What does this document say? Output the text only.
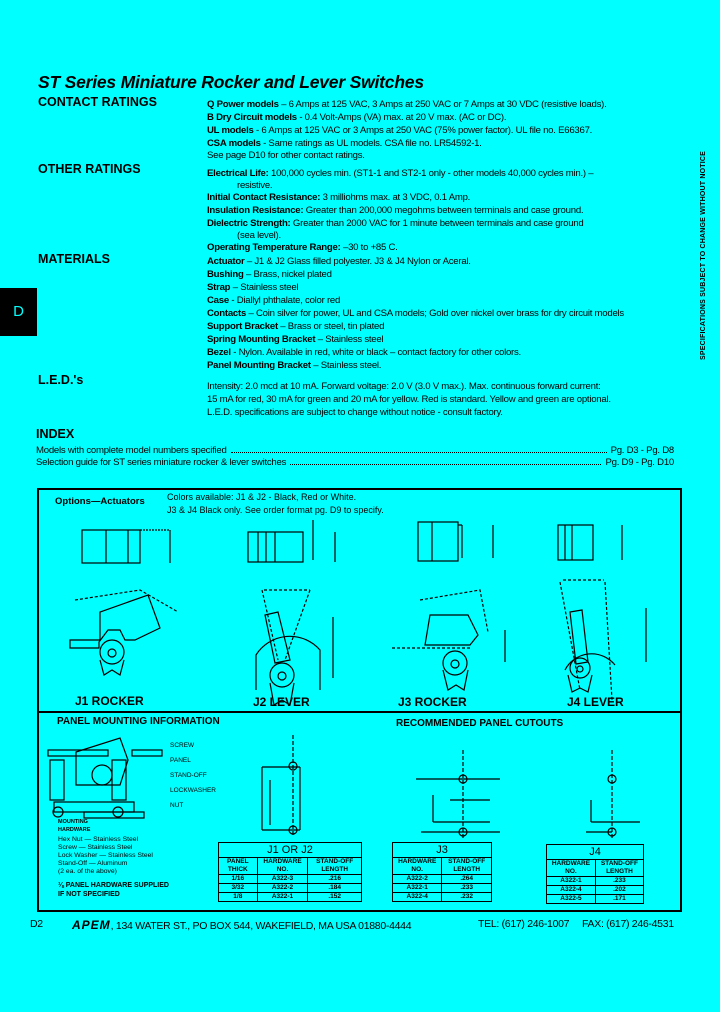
ST Series Miniature Rocker and Lever Switches
D	SPECIFICATIONS SUBJECT TO CHANGE WITHOUT NOTICE
CONTACT RATINGS	Q Power models – 6 Amps at 125 VAC, 3 Amps at 250 VAC or 7 Amps at 30 VDC (resistive loads).
B Dry Circuit models - 0.4 Volt-Amps (VA) max. at 20 V max. (AC or DC).
UL models - 6 Amps at 125 VAC or 3 Amps at 250 VAC (75% power factor). UL file no. E66367.
CSA models - Same ratings as UL models. CSA file no. LR54592-1.
See page D10 for other contact ratings.
OTHER RATINGS	Electrical Life: 100,000 cycles min. (ST1-1 and ST2-1 only - other models 40,000 cycles min.) –
resistive.
Initial Contact Resistance: 3 milliohms max. at 3 VDC, 0.1 Amp.
Insulation Resistance: Greater than 200,000 megohms between terminals and case ground.
Dielectric Strength: Greater than 2000 VAC for 1 minute between terminals and case ground
(sea level).
Operating Temperature Range: –30 to +85 C.
MATERIALS	Actuator – J1 & J2 Glass filled polyester. J3 & J4 Nylon or Aceral.
Bushing – Brass, nickel plated
Strap – Stainless steel
Case - Diallyl phthalate, color red
Contacts – Coin silver for power, UL and CSA models; Gold over nickel over brass for dry circuit models
Support Bracket – Brass or steel, tin plated
Spring Mounting Bracket – Stainless steel
Bezel - Nylon. Available in red, white or black – contact factory for other colors.
Panel Mounting Bracket – Stainless steel.
L.E.D.'s	Intensity: 2.0 mcd at 10 mA. Forward voltage: 2.0 V (3.0 V max.). Max. continuous forward current:
15 mA for red, 30 mA for green and 20 mA for yellow. Red is standard. Yellow and green are optional.
L.E.D. specifications are subject to change without notice - consult factory.
INDEX
Models with complete model numbers specified	Pg. D3 - Pg. D8
Selection guide for ST series miniature rocker & lever switches	Pg. D9 - Pg. D10
Options—Actuators Colors available: J1 & J2 - Black, Red or White.
J3 & J4 Black only. See order format pg. D9 to specify.
J1 ROCKER	J2 LEVER	J3 ROCKER	J4 LEVER
PANEL MOUNTING INFORMATION	RECOMMENDED PANEL CUTOUTS
SCREW
PANEL
STAND-OFF
LOCKWASHER
NUT
MOUNTING
HARDWARE
Hex Nut — Stainless Steel
Screw — Stainless Steel
Lock Washer — Stainless Steel
Stand-Off — Aluminum
(2 ea. of the above)
⅛ PANEL HARDWARE SUPPLIED
IF NOT SPECIFIED
J1 OR J2		
PANEL THICK	HARDWARE NO.	STAND-OFF LENGTH
1/16	A322-3	.216
3/32	A322-2	.184
1/8	A322-1	.152
J3	
HARDWARE NO.	STAND-OFF LENGTH
A322-2	.264
A322-1	.233
A322-4	.232
J4	
HARDWARE NO.	STAND-OFF LENGTH
A322-1	.233
A322-4	.202
A322-5	.171
D2 APEM, 134 WATER ST., PO BOX 544, WAKEFIELD, MA USA 01880-4444	TEL: (617) 246-1007 FAX: (617) 246-4531
